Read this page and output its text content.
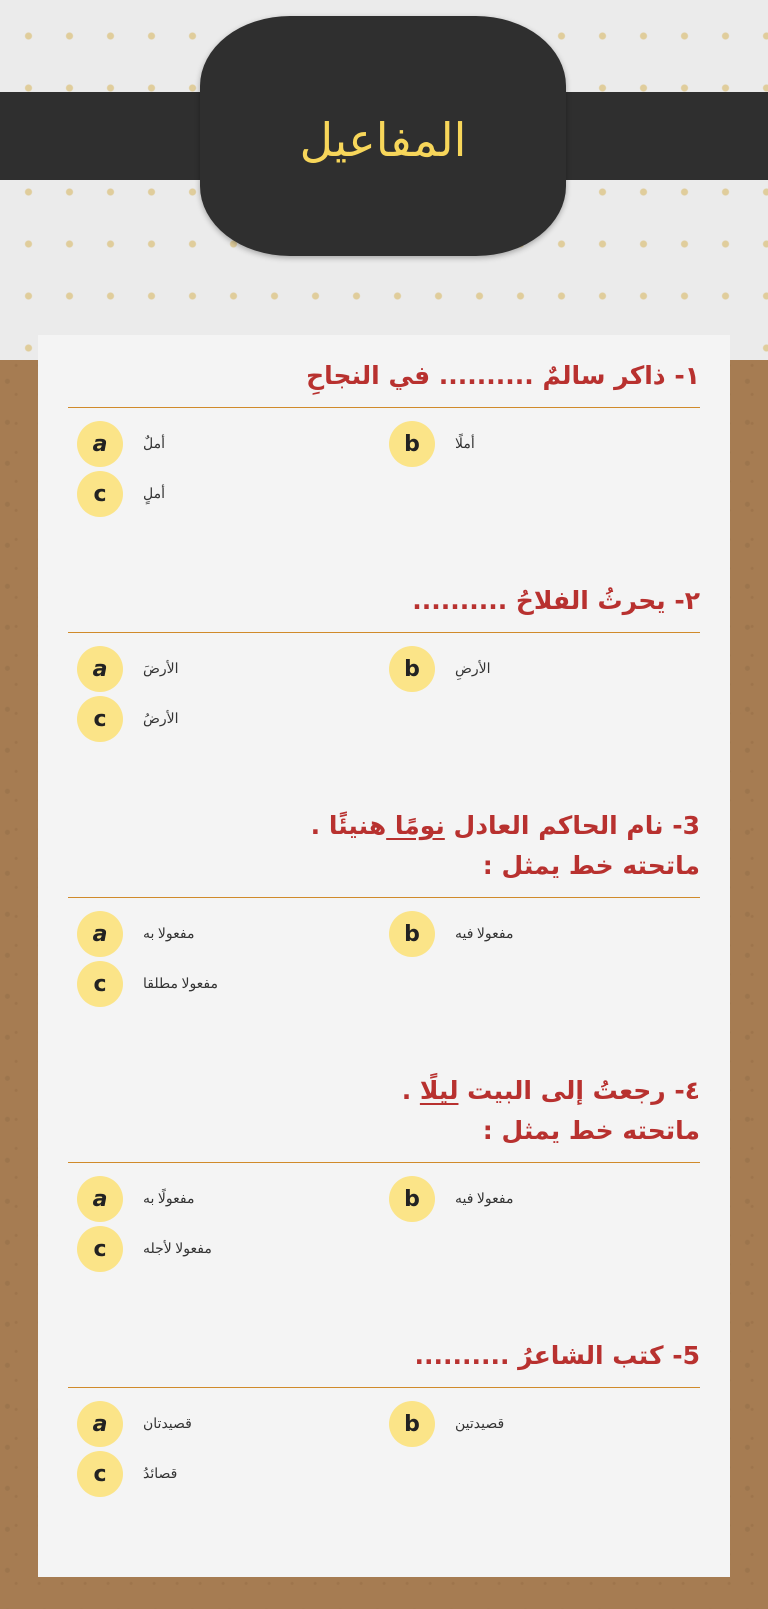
المفاعيل
١- ذاكر سالمٌ .......... في النجاحِ
a	أملٌ	b	أملًا
c	أملٍ
٢- يحرثُ الفلاحُ ..........
a	الأرضَ	b	الأرضِ
c	الأرضُ
3- نام الحاكم العادل نومًا هنيئًا .
ماتحته خط يمثل :
a	مفعولا به	b	مفعولا فيه
c	مفعولا مطلقا
٤- رجعتُ إلى البيت ليلًا .
ماتحته خط يمثل :
a	مفعولًا به	b	مفعولا فيه
c	مفعولا لأجله
5- كتب الشاعرُ ..........
a	قصيدتان	b	قصيدتين
c	قصائدُ
